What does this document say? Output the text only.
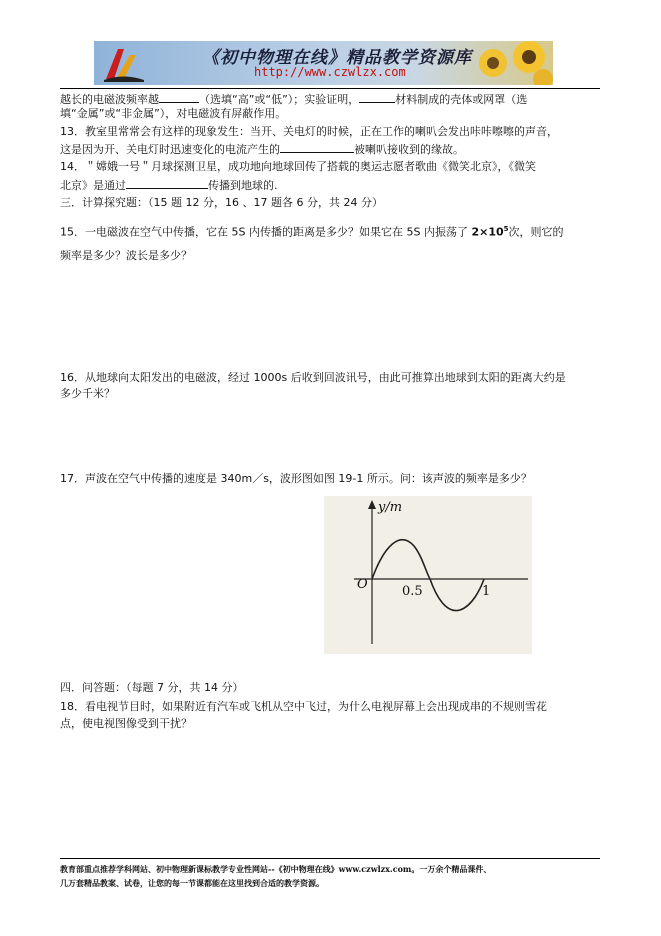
《初中物理在线》精品教学资源库
http://www.czwlzx.com
越长的电磁波频率越	（选填“高”或“低”）；实验证明，	材料制成的壳体或网罩（选
填“金属”或“非金属”），对电磁波有屏蔽作用。
13．教室里常常会有这样的现象发生：当开、关电灯的时候，正在工作的喇叭会发出咔咔嚓嚓的声音，
这是因为开、关电灯时迅速变化的电流产生的	被喇叭接收到的缘故。
14．＂嫦娥一号＂月球探测卫星，成功地向地球回传了搭载的奥运志愿者歌曲《微笑北京》，《微笑
北京》是通过	传播到地球的.
三．计算探究题：（15 题 12 分，16 、17 题各 6 分，共 24 分）
15．一电磁波在空气中传播，它在 5S 内传播的距离是多少？如果它在 5S 内振荡了 $2\times 10^5$次，则它的
频率是多少？波长是多少？
16．从地球向太阳发出的电磁波，经过 1000s 后收到回波讯号，由此可推算出地球到太阳的距离大约是
多少千米？
17．声波在空气中传播的速度是 340m／s，波形图如图 19-1 所示。问：该声波的频率是多少？
y/m
O	0.5	1
四．问答题：（每题 7 分，共 14 分）
18．看电视节目时，如果附近有汽车或飞机从空中飞过，为什么电视屏幕上会出现成串的不规则雪花
点，使电视图像受到干扰？
教育部重点推荐学科网站、初中物理新课标教学专业性网站--《初中物理在线》www.czwlzx.com。一万余个精品课件、
几万套精品教案、试卷，让您的每一节课都能在这里找到合适的教学资源。
